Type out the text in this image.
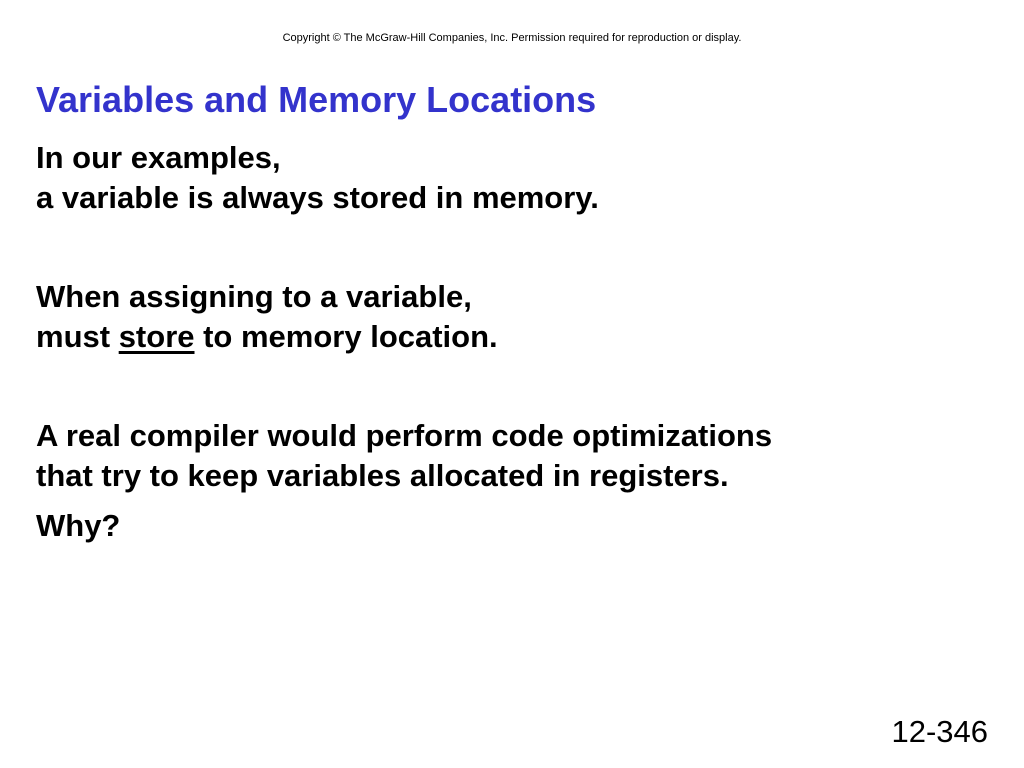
Copyright © The McGraw-Hill Companies, Inc. Permission required for reproduction or display.
Variables and Memory Locations

In our examples,
a variable is always stored in memory.

When assigning to a variable,
must store to memory location.

A real compiler would perform code optimizations
that try to keep variables allocated in registers.

Why?

12-346
